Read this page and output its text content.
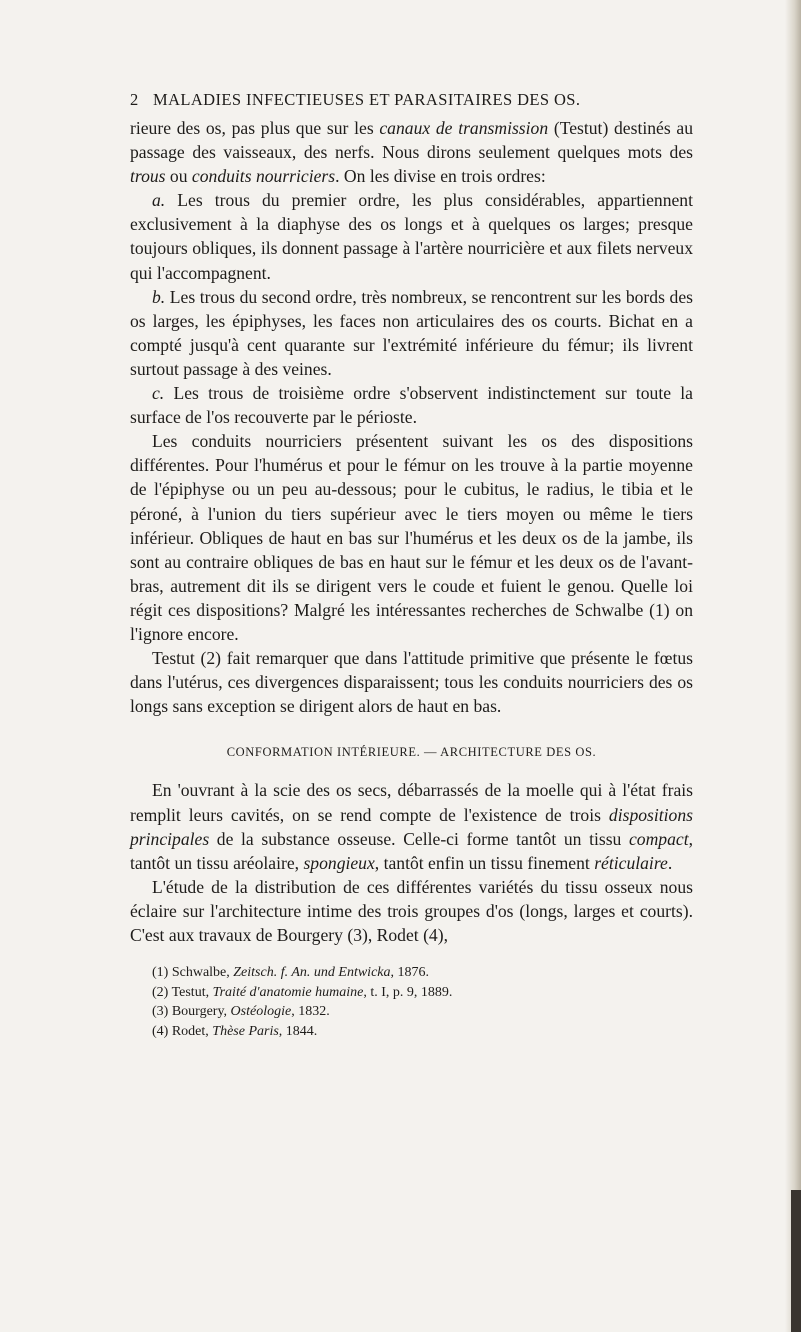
2 MALADIES INFECTIEUSES ET PARASITAIRES DES OS.

rieure des os, pas plus que sur les canaux de transmission (Testut) destinés au passage des vaisseaux, des nerfs. Nous dirons seulement quelques mots des trous ou conduits nourriciers. On les divise en trois ordres:

a. Les trous du premier ordre, les plus considérables, appartiennent exclusivement à la diaphyse des os longs et à quelques os larges; presque toujours obliques, ils donnent passage à l'artère nourricière et aux filets nerveux qui l'accompagnent.

b. Les trous du second ordre, très nombreux, se rencontrent sur les bords des os larges, les épiphyses, les faces non articulaires des os courts. Bichat en a compté jusqu'à cent quarante sur l'extrémité inférieure du fémur; ils livrent surtout passage à des veines.

c. Les trous de troisième ordre s'observent indistinctement sur toute la surface de l'os recouverte par le périoste.

Les conduits nourriciers présentent suivant les os des dispositions différentes. Pour l'humérus et pour le fémur on les trouve à la partie moyenne de l'épiphyse ou un peu au-dessous; pour le cubitus, le radius, le tibia et le péroné, à l'union du tiers supérieur avec le tiers moyen ou même le tiers inférieur. Obliques de haut en bas sur l'humérus et les deux os de la jambe, ils sont au contraire obliques de bas en haut sur le fémur et les deux os de l'avant-bras, autrement dit ils se dirigent vers le coude et fuient le genou. Quelle loi régit ces dispositions? Malgré les intéressantes recherches de Schwalbe (1) on l'ignore encore.

Testut (2) fait remarquer que dans l'attitude primitive que présente le fœtus dans l'utérus, ces divergences disparaissent; tous les conduits nourriciers des os longs sans exception se dirigent alors de haut en bas.

CONFORMATION INTÉRIEURE. — ARCHITECTURE DES OS.

En 'ouvrant à la scie des os secs, débarrassés de la moelle qui à l'état frais remplit leurs cavités, on se rend compte de l'existence de trois dispositions principales de la substance osseuse. Celle-ci forme tantôt un tissu compact, tantôt un tissu aréolaire, spongieux, tantôt enfin un tissu finement réticulaire.

L'étude de la distribution de ces différentes variétés du tissu osseux nous éclaire sur l'architecture intime des trois groupes d'os (longs, larges et courts). C'est aux travaux de Bourgery (3), Rodet (4),

(1) Schwalbe, Zeitsch. f. An. und Entwicka, 1876.
(2) Testut, Traité d'anatomie humaine, t. I, p. 9, 1889.
(3) Bourgery, Ostéologie, 1832.
(4) Rodet, Thèse Paris, 1844.
